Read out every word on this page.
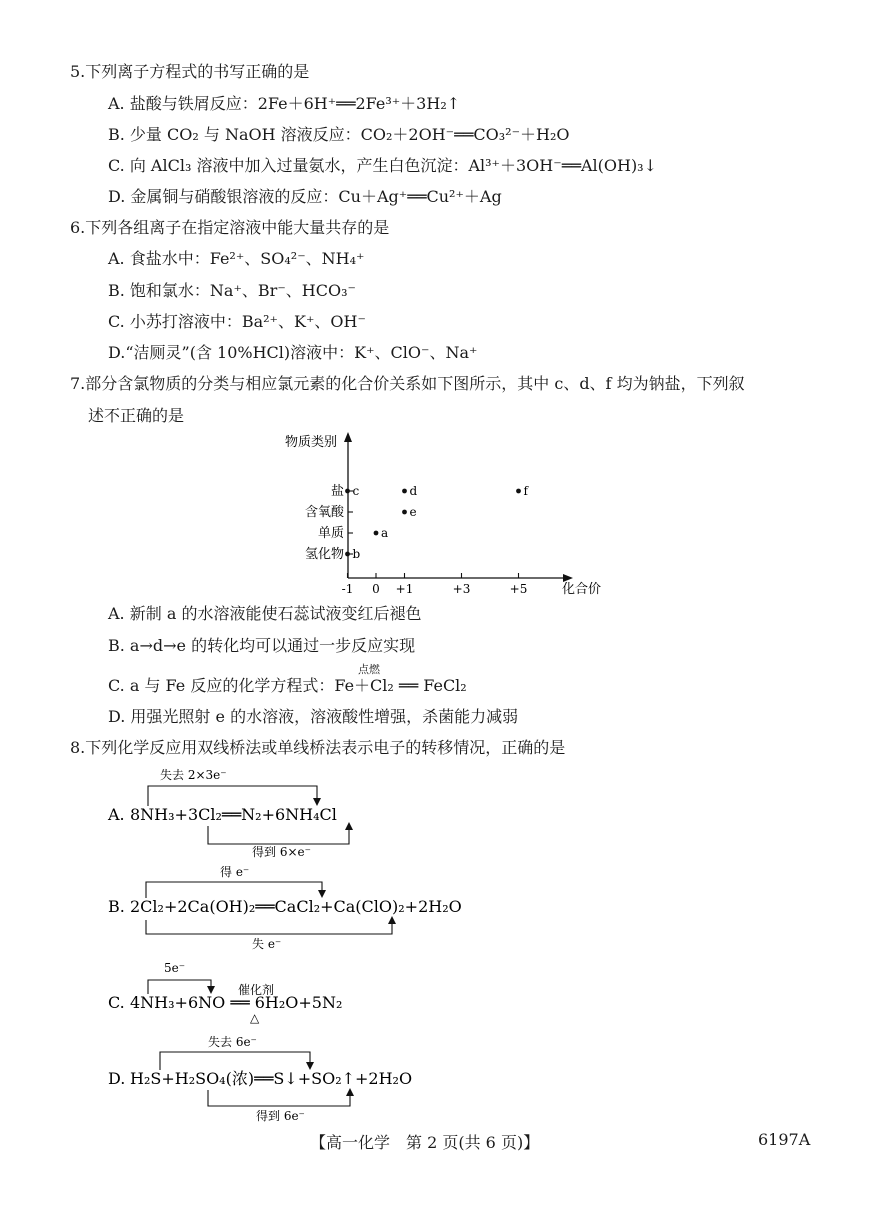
5.下列离子方程式的书写正确的是
A. 盐酸与铁屑反应：2Fe＋6H⁺══2Fe³⁺＋3H₂↑
B. 少量 CO₂ 与 NaOH 溶液反应：CO₂＋2OH⁻══CO₃²⁻＋H₂O
C. 向 AlCl₃ 溶液中加入过量氨水，产生白色沉淀：Al³⁺＋3OH⁻══Al(OH)₃↓
D. 金属铜与硝酸银溶液的反应：Cu＋Ag⁺══Cu²⁺＋Ag
6.下列各组离子在指定溶液中能大量共存的是
A. 食盐水中：Fe²⁺、SO₄²⁻、NH₄⁺
B. 饱和氯水：Na⁺、Br⁻、HCO₃⁻
C. 小苏打溶液中：Ba²⁺、K⁺、OH⁻
D.“洁厕灵”(含 10%HCl)溶液中：K⁺、ClO⁻、Na⁺
7.部分含氯物质的分类与相应氯元素的化合价关系如下图所示，其中 c、d、f 均为钠盐，下列叙
述不正确的是
物质类别
化合价
-1 0 +1	+3	+5
氢化物
单质
含氧酸
盐
a
b
c	d
e
f
A. 新制 a 的水溶液能使石蕊试液变红后褪色
B. a→d→e 的转化均可以通过一步反应实现
C. a 与 Fe 反应的化学方程式：Fe＋Cl₂ ══ FeCl₂
点燃
D. 用强光照射 e 的水溶液，溶液酸性增强，杀菌能力减弱
8.下列化学反应用双线桥法或单线桥法表示电子的转移情况，正确的是
失去 2×3e⁻
A. 8NH₃+3Cl₂══N₂+6NH₄Cl
得到 6×e⁻
得 e⁻
B. 2Cl₂+2Ca(OH)₂══CaCl₂+Ca(ClO)₂+2H₂O
失 e⁻
5e⁻
催化剂
C. 4NH₃+6NO ══ 6H₂O+5N₂
△
失去 6e⁻
D. H₂S+H₂SO₄(浓)══S↓+SO₂↑+2H₂O
得到 6e⁻
【高一化学　第 2 页(共 6 页)】	6197A
